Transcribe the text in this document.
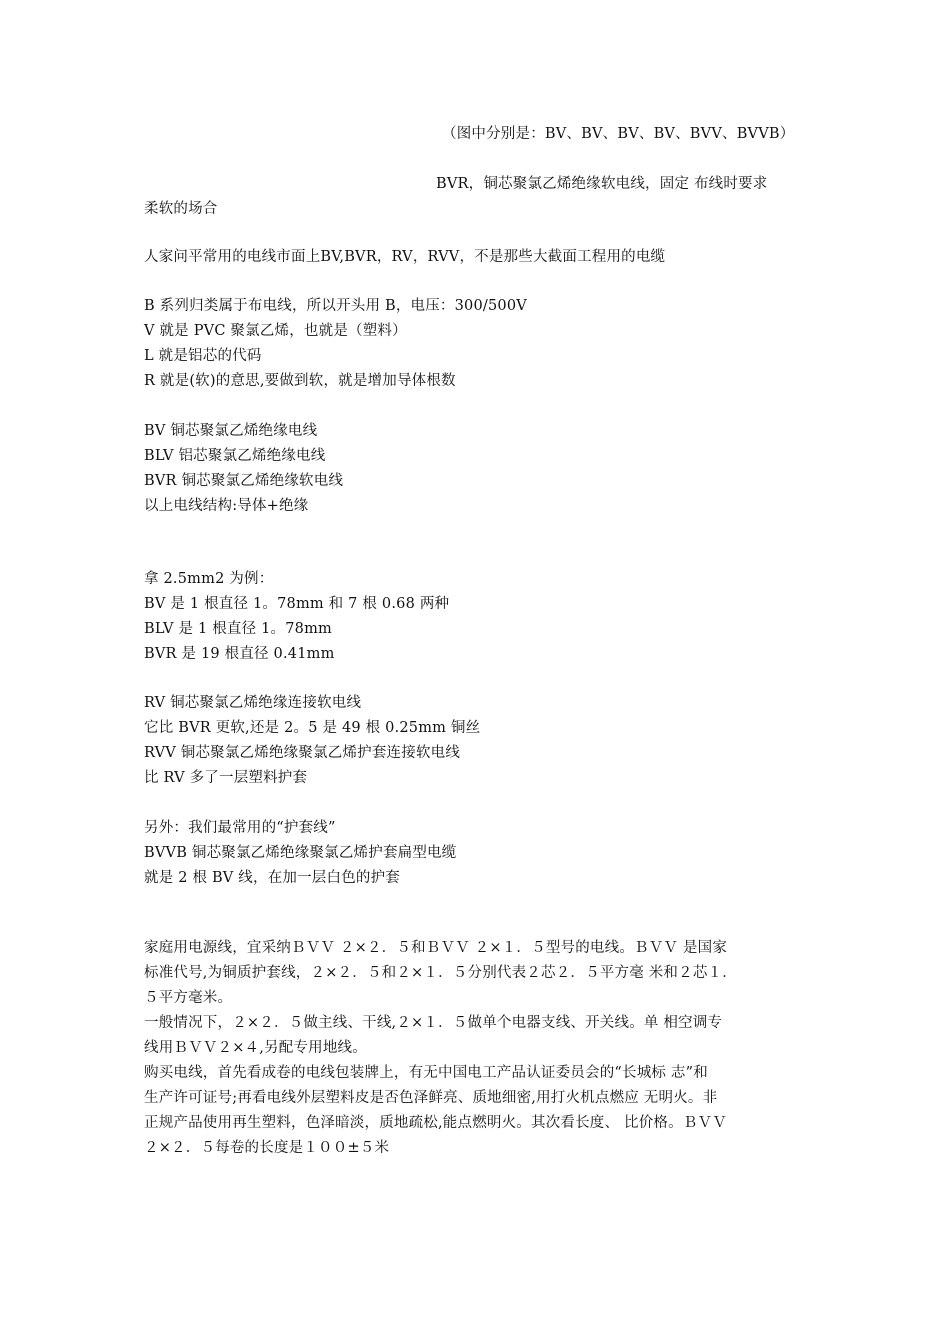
（图中分别是：BV、BV、BV、BV、BVV、BVVB）
BVR，铜芯聚氯乙烯绝缘软电线，固定 布线时要求
柔软的场合
人家问平常用的电线市面上BV,BVR，RV，RVV，不是那些大截面工程用的电缆
B 系列归类属于布电线，所以开头用 B，电压：300/500V
V 就是 PVC 聚氯乙烯，也就是（塑料）
L 就是铝芯的代码
R 就是(软)的意思,要做到软，就是增加导体根数
BV 铜芯聚氯乙烯绝缘电线
BLV 铝芯聚氯乙烯绝缘电线
BVR 铜芯聚氯乙烯绝缘软电线
以上电线结构:导体+绝缘
拿 2.5mm2 为例：
BV 是 1 根直径 1。78mm 和 7 根 0.68 两种
BLV 是 1 根直径 1。78mm
BVR 是 19 根直径 0.41mm
RV 铜芯聚氯乙烯绝缘连接软电线
它比 BVR 更软,还是 2。5 是 49 根 0.25mm 铜丝
RVV 铜芯聚氯乙烯绝缘聚氯乙烯护套连接软电线
比 RV 多了一层塑料护套
另外：我们最常用的“护套线”
BVVB 铜芯聚氯乙烯绝缘聚氯乙烯护套扁型电缆
就是 2 根 BV 线，在加一层白色的护套
家庭用电源线，宜采纳ＢＶＶ ２×２．５和ＢＶＶ ２×１．５型号的电线。ＢＶＶ 是国家
标准代号,为铜质护套线，２×２．５和２×１．５分别代表２芯２．５平方毫 米和２芯１．
５平方毫米。
一般情况下，２×２．５做主线、干线,２×１．５做单个电器支线、开关线。单 相空调专
线用ＢＶＶ２×４,另配专用地线。
购买电线，首先看成卷的电线包装牌上，有无中国电工产品认证委员会的“长城标 志”和
生产许可证号;再看电线外层塑料皮是否色泽鲜亮、质地细密,用打火机点燃应 无明火。非
正规产品使用再生塑料，色泽暗淡，质地疏松,能点燃明火。其次看长度、 比价格。ＢＶＶ
２×２．５每卷的长度是１００±５米
